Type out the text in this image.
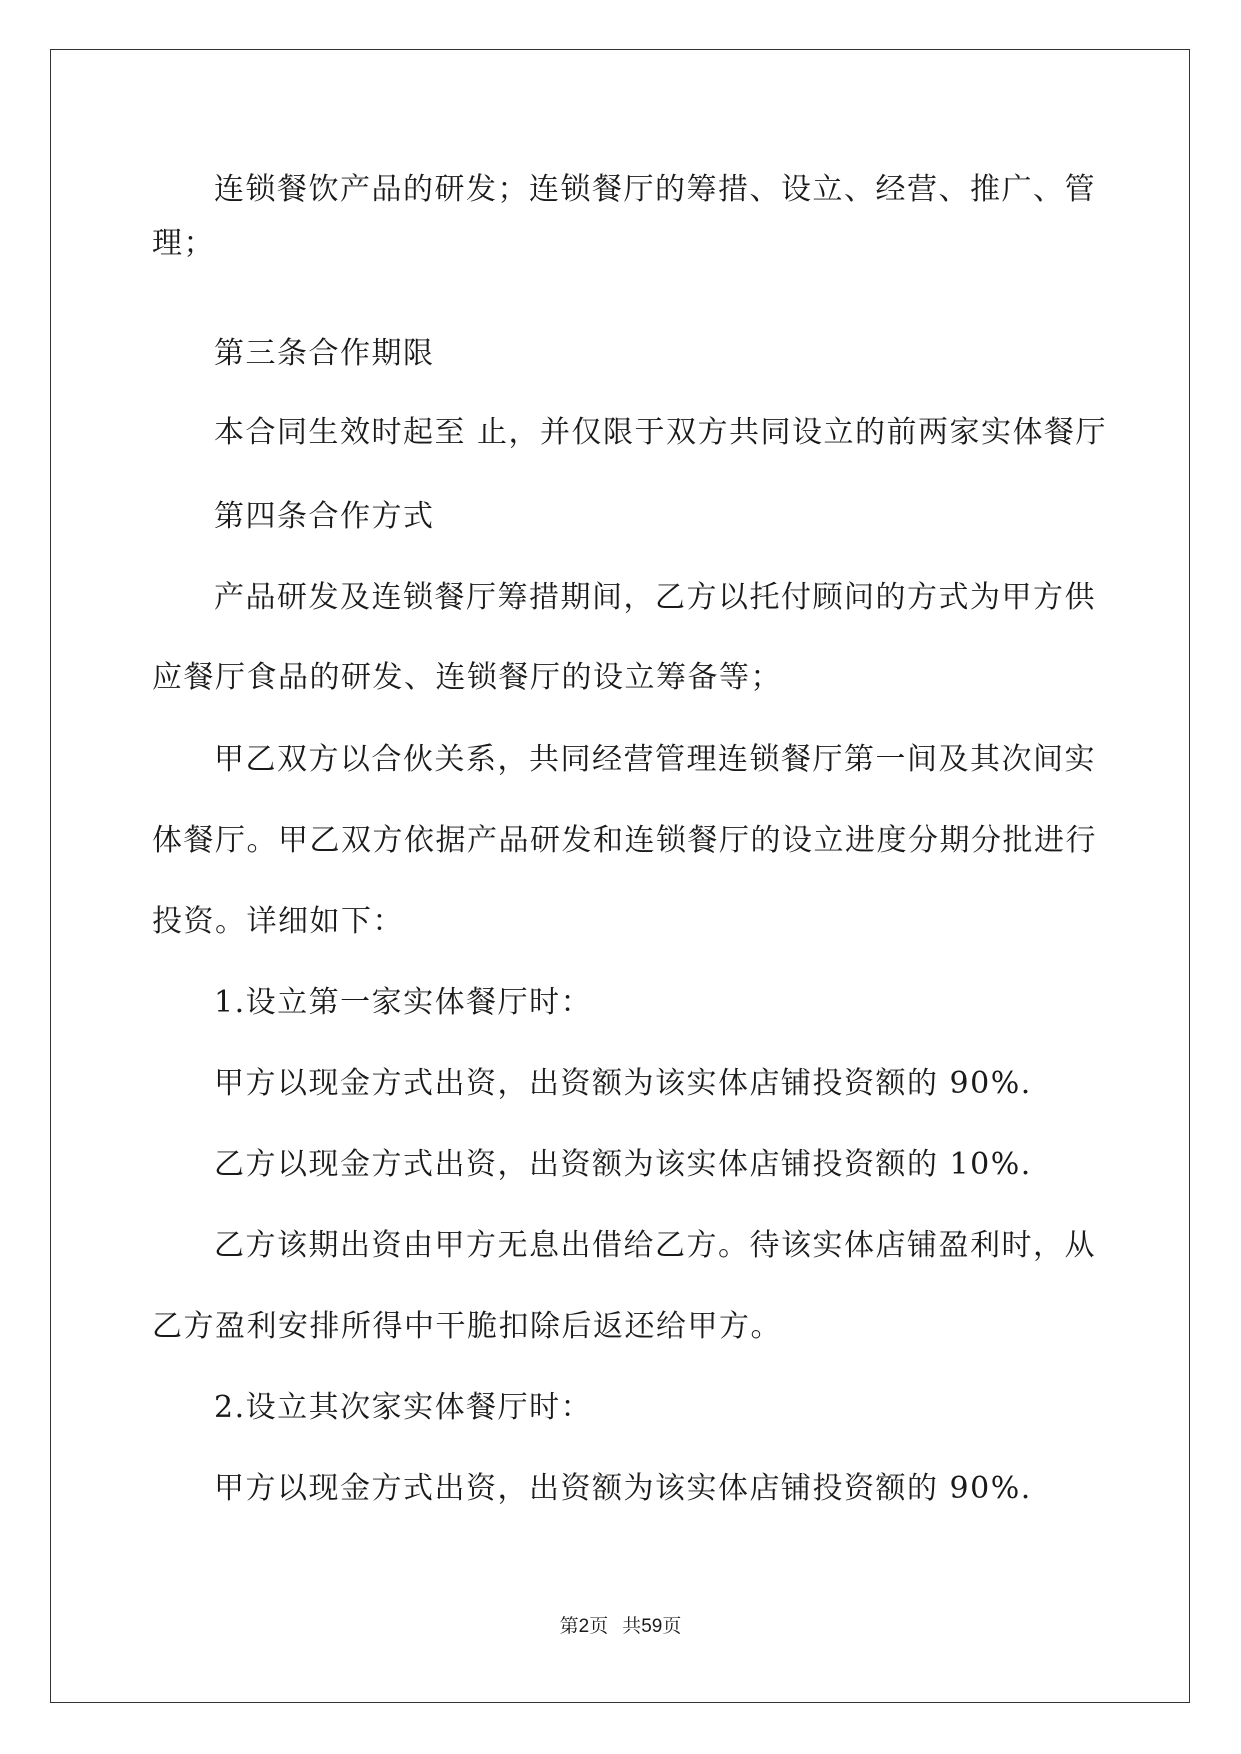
连锁餐饮产品的研发；连锁餐厅的筹措、设立、经营、推广、管
理；
第三条合作期限
本合同生效时起至 止，并仅限于双方共同设立的前两家实体餐厅
第四条合作方式
产品研发及连锁餐厅筹措期间，乙方以托付顾问的方式为甲方供
应餐厅食品的研发、连锁餐厅的设立筹备等；
甲乙双方以合伙关系，共同经营管理连锁餐厅第一间及其次间实
体餐厅。甲乙双方依据产品研发和连锁餐厅的设立进度分期分批进行
投资。详细如下：
1.设立第一家实体餐厅时：
甲方以现金方式出资，出资额为该实体店铺投资额的 90%.
乙方以现金方式出资，出资额为该实体店铺投资额的 10%.
乙方该期出资由甲方无息出借给乙方。待该实体店铺盈利时，从
乙方盈利安排所得中干脆扣除后返还给甲方。
2.设立其次家实体餐厅时：
甲方以现金方式出资，出资额为该实体店铺投资额的 90%.
第2页 共59页
